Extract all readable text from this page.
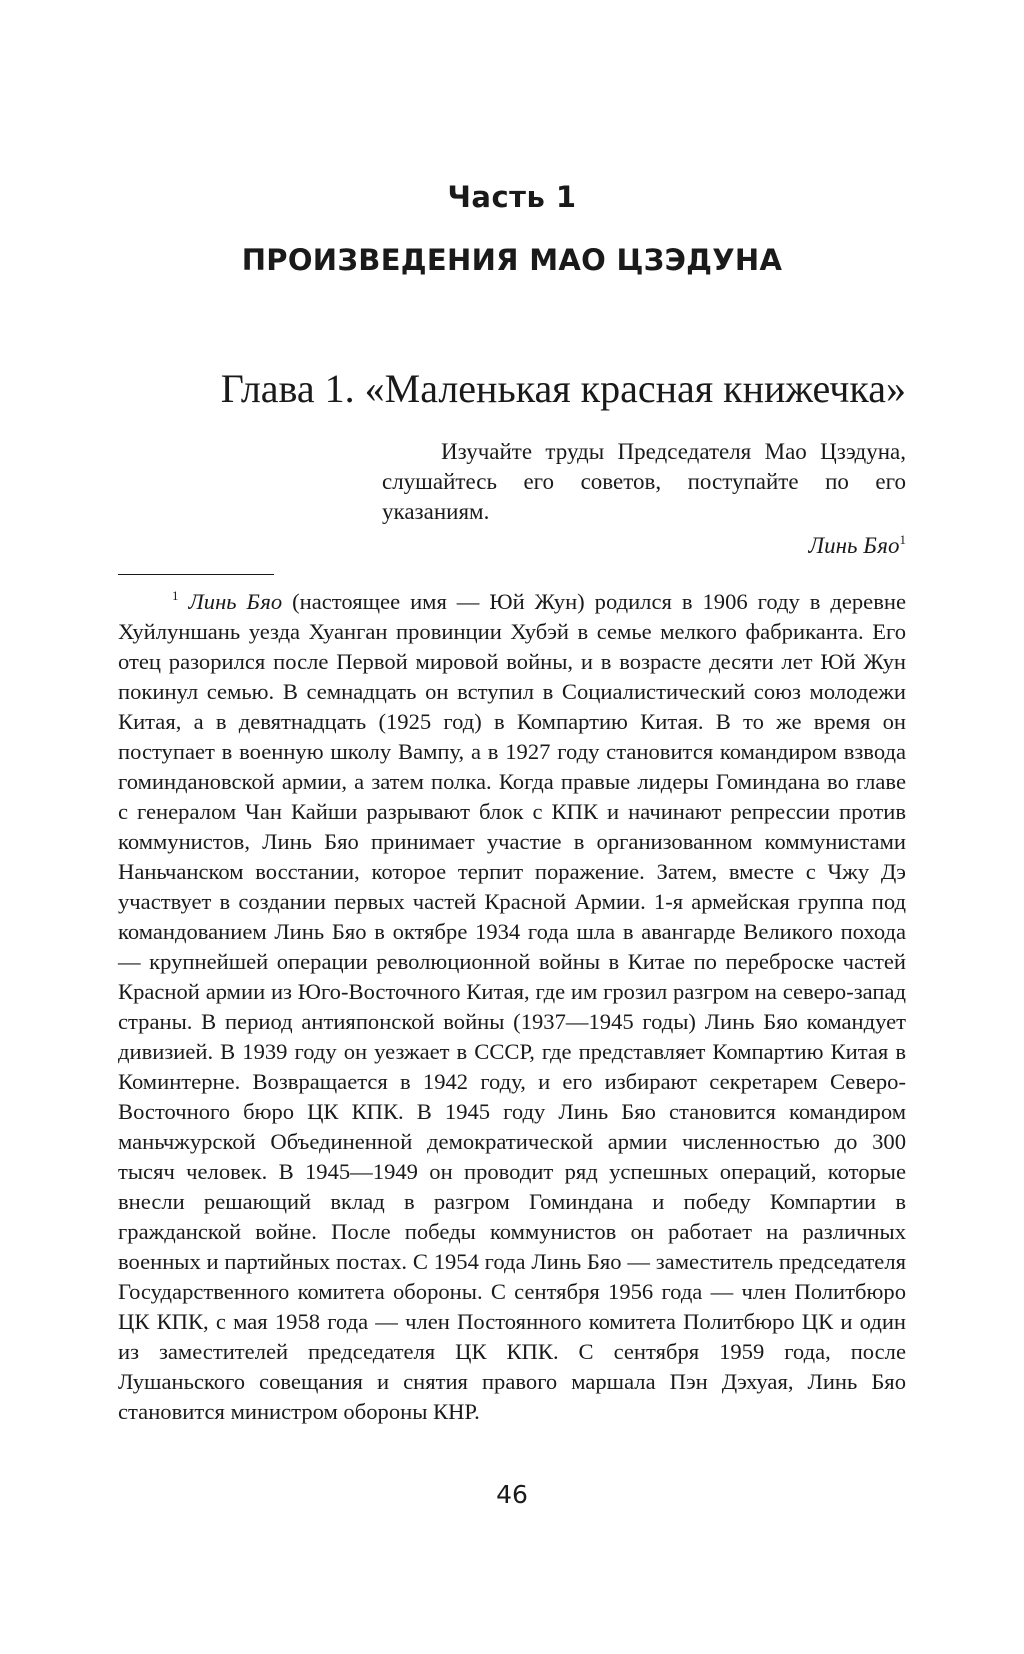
Часть 1
ПРОИЗВЕДЕНИЯ МАО ЦЗЭДУНА
Глава 1. «Маленькая красная книжечка»
Изучайте труды Председателя Мао Цзэдуна, слушайтесь его советов, поступайте по его указаниям.
Линь Бяо$^1$
$^1$ Линь Бяо (настоящее имя — Юй Жун) родился в 1906 году в деревне Хуйлуншань уезда Хуанган провинции Хубэй в семье мелкого фабриканта. Его отец разорился после Первой мировой войны, и в возрасте десяти лет Юй Жун покинул семью. В семнадцать он вступил в Социалистический союз молодежи Китая, а в девятнадцать (1925 год) в Компартию Китая. В то же время он поступает в военную школу Вампу, а в 1927 году становится командиром взвода гоминдановской армии, а затем полка. Когда правые лидеры Гоминдана во главе с генералом Чан Кайши разрывают блок с КПК и начинают репрессии против коммунистов, Линь Бяо принимает участие в организованном коммунистами Наньчанском восстании, которое терпит поражение. Затем, вместе с Чжу Дэ участвует в создании первых частей Красной Армии. 1-я армейская группа под командованием Линь Бяо в октябре 1934 года шла в авангарде Великого похода — крупнейшей операции революционной войны в Китае по переброске частей Красной армии из Юго-Восточного Китая, где им грозил разгром на северо-запад страны. В период антияпонской войны (1937—1945 годы) Линь Бяо командует дивизией. В 1939 году он уезжает в СССР, где представляет Компартию Китая в Коминтерне. Возвращается в 1942 году, и его избирают секретарем Северо-Восточного бюро ЦК КПК. В 1945 году Линь Бяо становится командиром маньчжурской Объединенной демократической армии численностью до 300 тысяч человек. В 1945—1949 он проводит ряд успешных операций, которые внесли решающий вклад в разгром Гоминдана и победу Компартии в гражданской войне. После победы коммунистов он работает на различных военных и партийных постах. С 1954 года Линь Бяо — заместитель председателя Государственного комитета обороны. С сентября 1956 года — член Политбюро ЦК КПК, с мая 1958 года — член Постоянного комитета Политбюро ЦК и один из заместителей председателя ЦК КПК. С сентября 1959 года, после Лушаньского совещания и снятия правого маршала Пэн Дэхуая, Линь Бяо становится министром обороны КНР.
46
